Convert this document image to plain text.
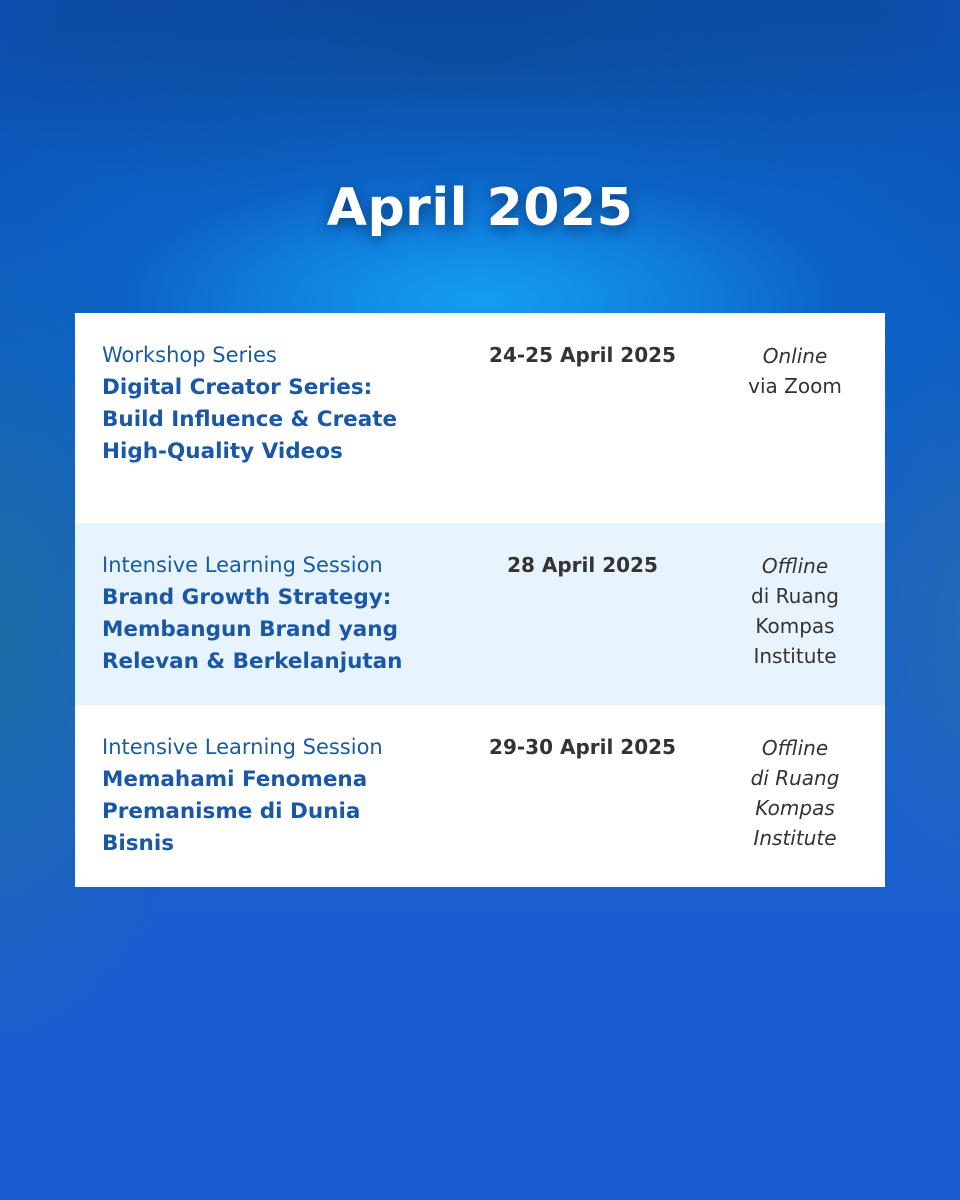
April 2025
Workshop Series
Digital Creator Series:
Build Influence & Create
High-Quality Videos
24-25 April 2025	Online
via Zoom
Intensive Learning Session
Brand Growth Strategy:
Membangun Brand yang
Relevan & Berkelanjutan
28 April 2025	Offline
di Ruang
Kompas
Institute
Intensive Learning Session
Memahami Fenomena
Premanisme di Dunia
Bisnis
29-30 April 2025	Offline
di Ruang
Kompas
Institute
